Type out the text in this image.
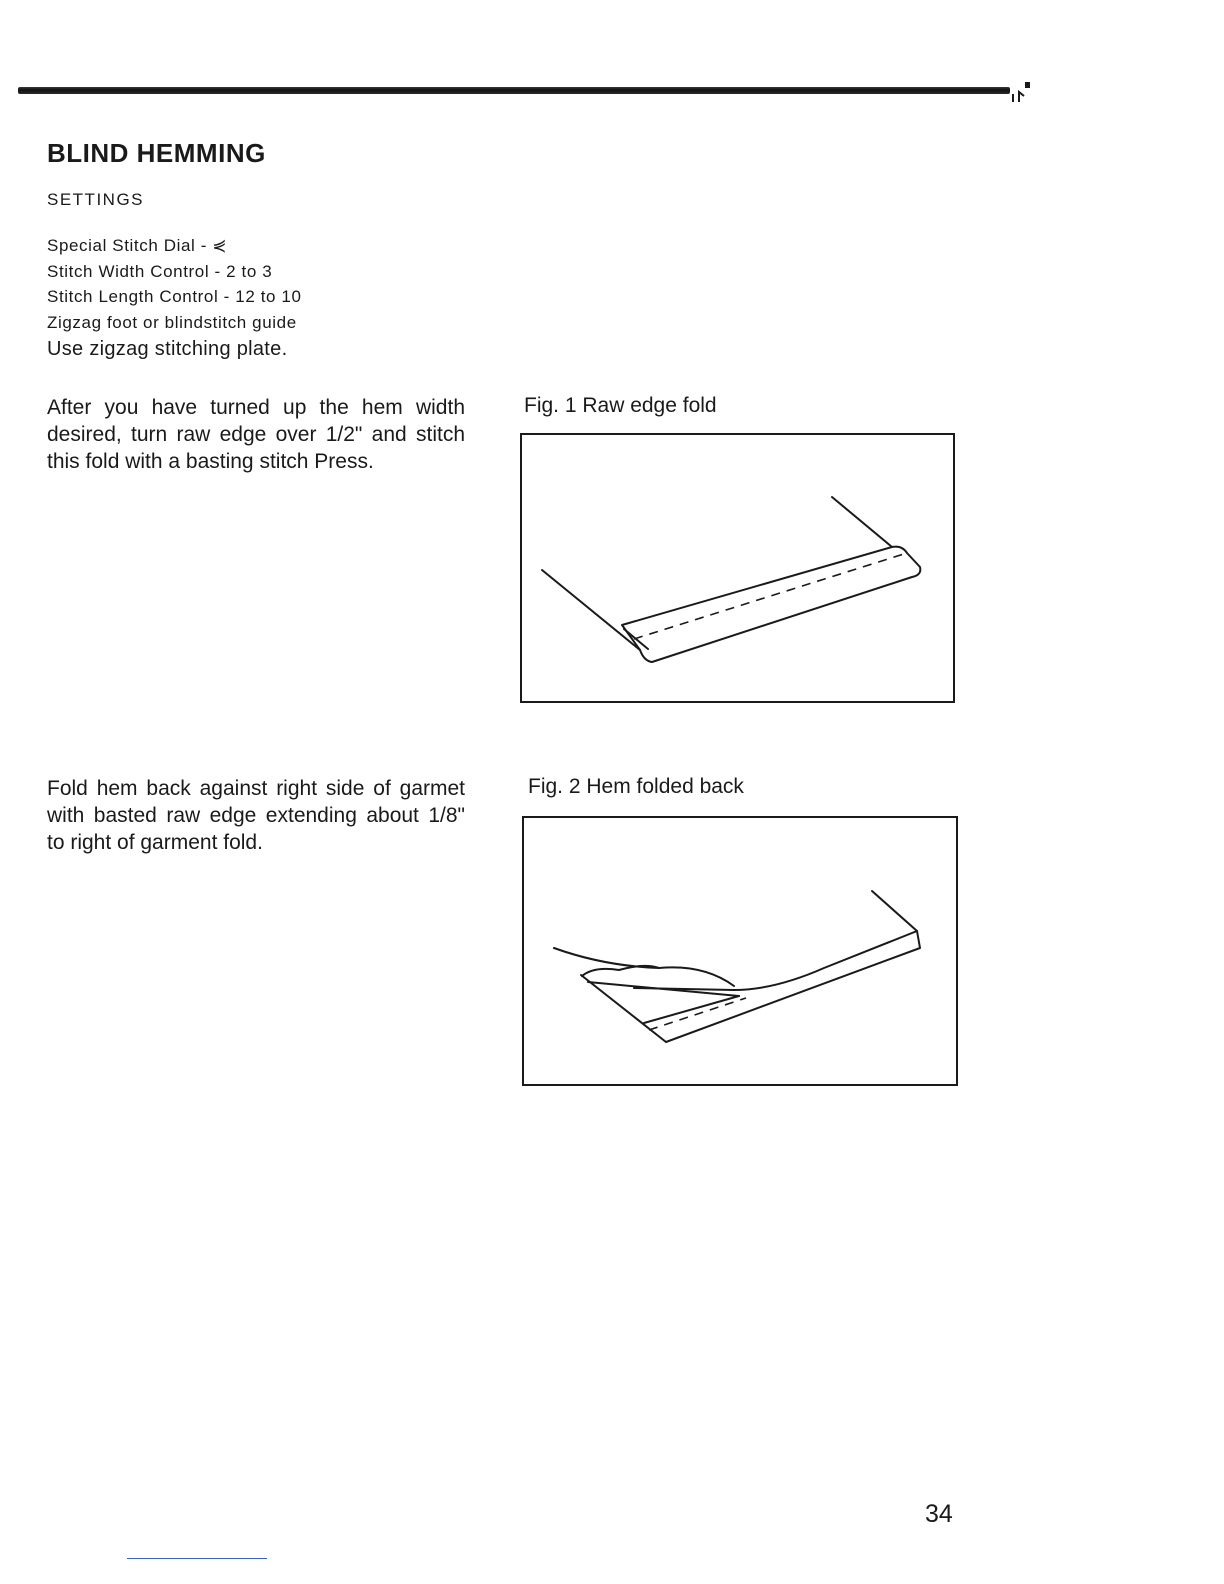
BLIND HEMMING
SETTINGS
Special Stitch Dial - ⋞
Stitch Width Control - 2 to 3
Stitch Length Control - 12 to 10
Zigzag foot or blindstitch guide
Use zigzag stitching plate.

After you have turned up the hem width desired, turn raw edge over 1/2" and stitch this fold with a basting stitch Press.

Fold hem back against right side of garmet with basted raw edge extending about 1/8" to right of garment fold.

Fig. 1 Raw edge fold
Fig. 2 Hem folded back
34
